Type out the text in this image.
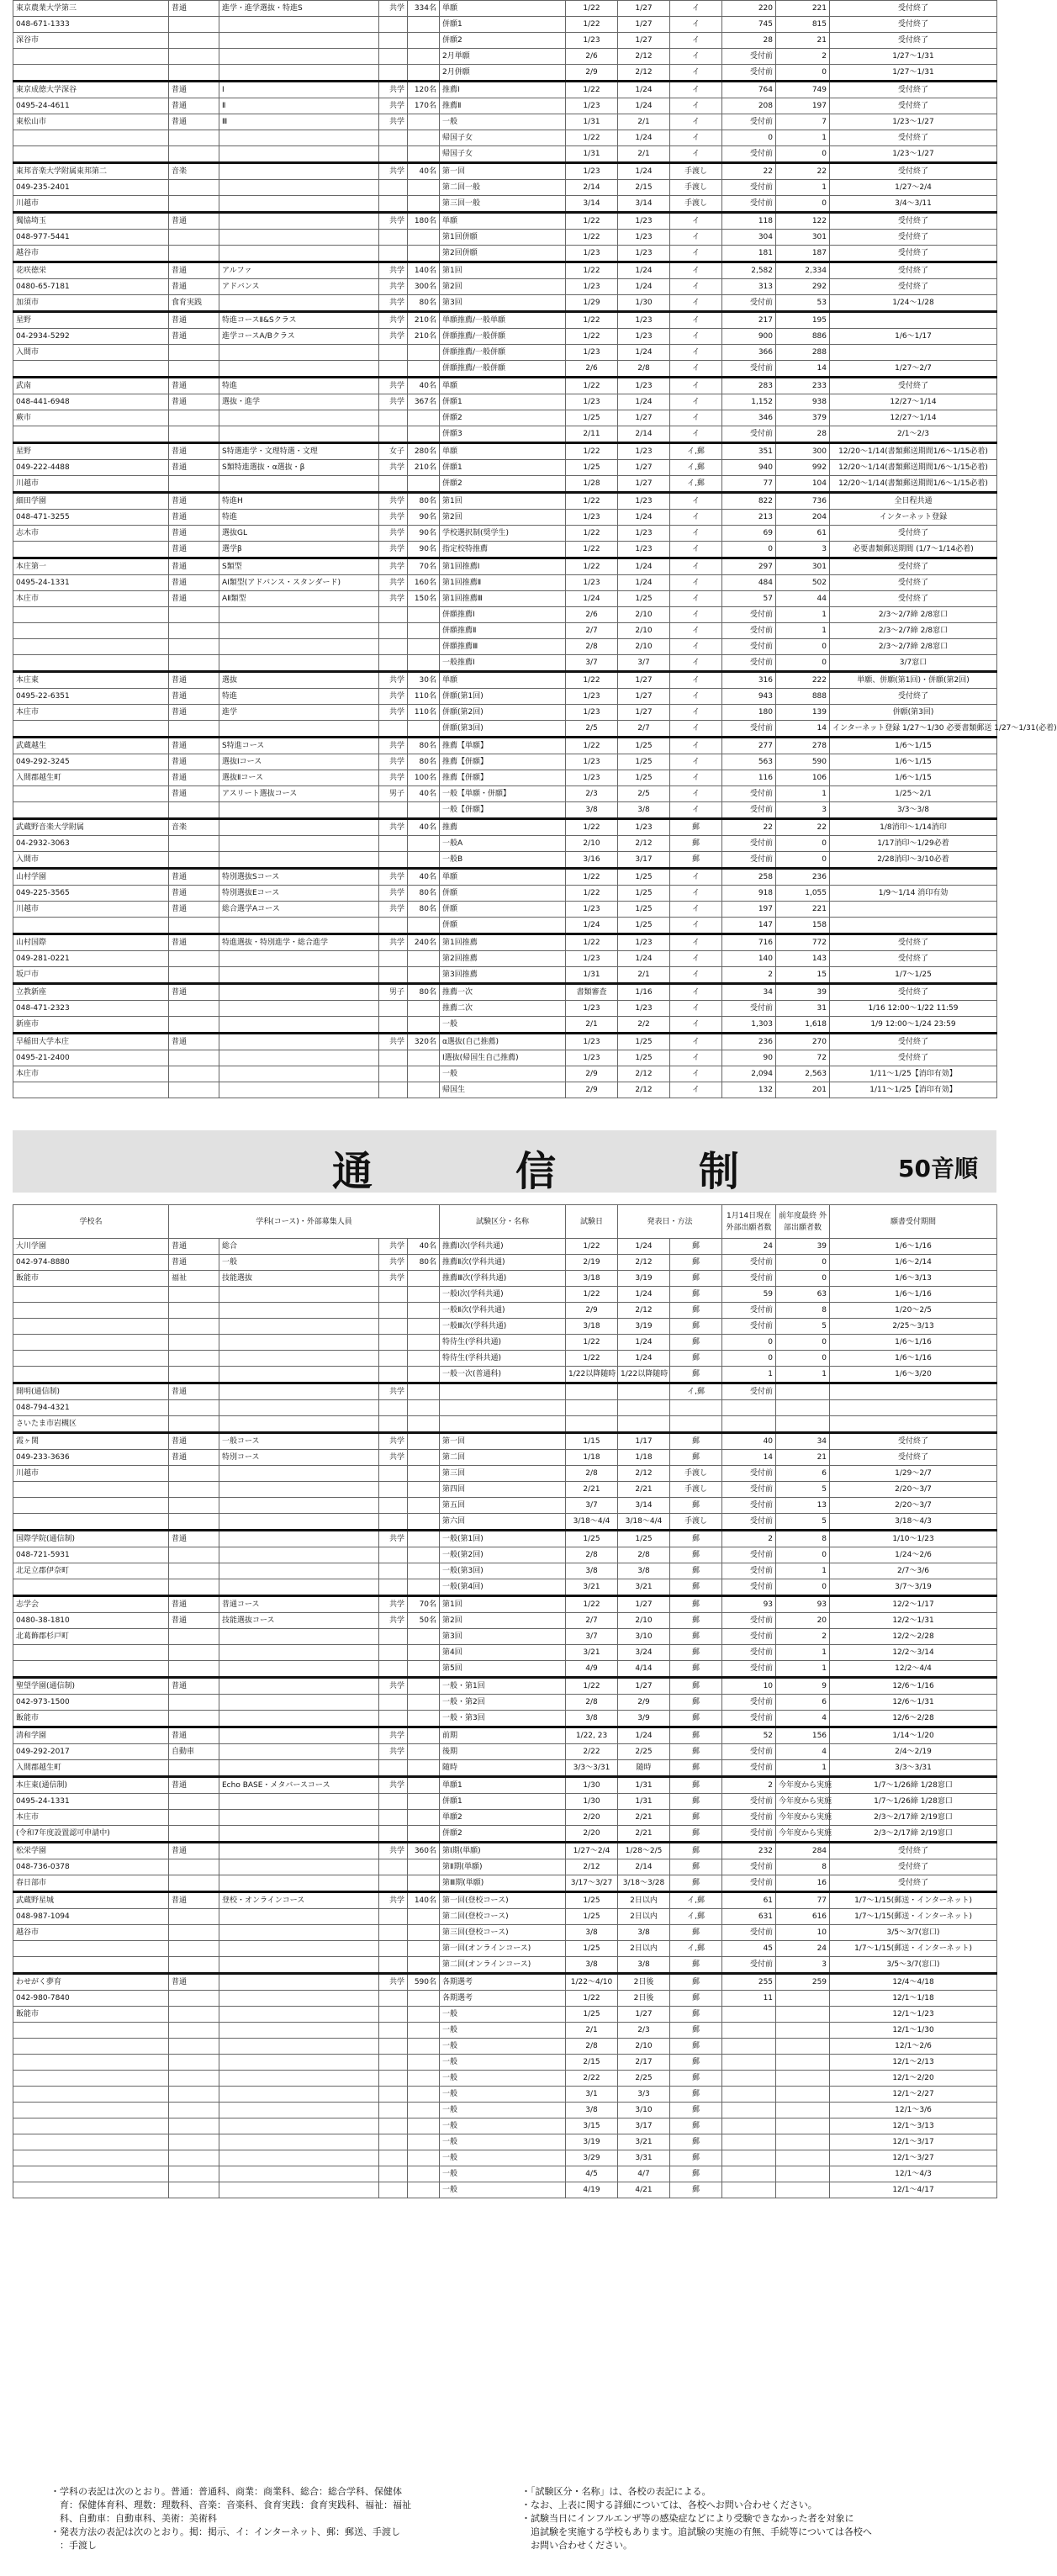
東京農業大学第三	普通	進学・進学選抜・特進S	共学	334名	単願	1/22	1/27	イ	220	221	受付終了
048-671-1333					併願1	1/22	1/27	イ	745	815	受付終了
深谷市					併願2	1/23	1/27	イ	28	21	受付終了
					2月単願	2/6	2/12	イ	受付前	2	1/27～1/31
					2月併願	2/9	2/12	イ	受付前	0	1/27～1/31
東京成徳大学深谷	普通	Ⅰ	共学	120名	推薦Ⅰ	1/22	1/24	イ	764	749	受付終了
0495-24-4611	普通	Ⅱ	共学	170名	推薦Ⅱ	1/23	1/24	イ	208	197	受付終了
東松山市	普通	Ⅲ	共学		一般	1/31	2/1	イ	受付前	7	1/23～1/27
					帰国子女	1/22	1/24	イ	0	1	受付終了
					帰国子女	1/31	2/1	イ	受付前	0	1/23～1/27
東邦音楽大学附属東邦第二	音楽		共学	40名	第一回	1/23	1/24	手渡し	22	22	受付終了
049-235-2401					第二回一般	2/14	2/15	手渡し	受付前	1	1/27～2/4
川越市					第三回一般	3/14	3/14	手渡し	受付前	0	3/4～3/11
獨協埼玉	普通		共学	180名	単願	1/22	1/23	イ	118	122	受付終了
048-977-5441					第1回併願	1/22	1/23	イ	304	301	受付終了
越谷市					第2回併願	1/23	1/23	イ	181	187	受付終了
花咲徳栄	普通	アルファ	共学	140名	第1回	1/22	1/24	イ	2,582	2,334	受付終了
0480-65-7181	普通	アドバンス	共学	300名	第2回	1/23	1/24	イ	313	292	受付終了
加須市	食育実践		共学	80名	第3回	1/29	1/30	イ	受付前	53	1/24～1/28
星野	普通	特進コースⅡ&Sクラス	共学	210名	単願推薦/一般単願	1/22	1/23	イ	217	195	
04-2934-5292	普通	進学コースA/Bクラス	共学	210名	併願推薦/一般併願	1/22	1/23	イ	900	886	1/6～1/17
入間市					併願推薦/一般併願	1/23	1/24	イ	366	288	
					併願推薦/一般併願	2/6	2/8	イ	受付前	14	1/27～2/7
武南	普通	特進	共学	40名	単願	1/22	1/23	イ	283	233	受付終了
048-441-6948	普通	選抜・進学	共学	367名	併願1	1/23	1/24	イ	1,152	938	12/27～1/14
蕨市					併願2	1/25	1/27	イ	346	379	12/27～1/14
					併願3	2/11	2/14	イ	受付前	28	2/1～2/3
星野	普通	S特選進学・文理特選・文理	女子	280名	単願	1/22	1/23	イ,郵	351	300	12/20～1/14(書類郵送期間1/6～1/15必着)
049-222-4488	普通	S類特進選抜・α選抜・β	共学	210名	併願1	1/25	1/27	イ,郵	940	992	12/20～1/14(書類郵送期間1/6～1/15必着)
川越市					併願2	1/28	1/27	イ,郵	77	104	12/20～1/14(書類郵送期間1/6～1/15必着)
細田学園	普通	特進H	共学	80名	第1回	1/22	1/23	イ	822	736	全日程共通
048-471-3255	普通	特進	共学	90名	第2回	1/23	1/24	イ	213	204	インターネット登録
志木市	普通	選抜GL	共学	90名	学校選択制(奨学生)	1/22	1/23	イ	69	61	受付終了
	普通	選学β	共学	90名	指定校特推薦	1/22	1/23	イ	0	3	必要書類郵送期間 (1/7～1/14必着)
本庄第一	普通	S類型	共学	70名	第1回推薦Ⅰ	1/22	1/24	イ	297	301	受付終了
0495-24-1331	普通	AⅠ類型(アドバンス・スタンダード)	共学	160名	第1回推薦Ⅱ	1/23	1/24	イ	484	502	受付終了
本庄市	普通	AⅡ類型	共学	150名	第1回推薦Ⅲ	1/24	1/25	イ	57	44	受付終了
					併願推薦Ⅰ	2/6	2/10	イ	受付前	1	2/3～2/7締 2/8窓口
					併願推薦Ⅱ	2/7	2/10	イ	受付前	1	2/3～2/7締 2/8窓口
					併願推薦Ⅲ	2/8	2/10	イ	受付前	0	2/3～2/7締 2/8窓口
					一般推薦Ⅰ	3/7	3/7	イ	受付前	0	3/7窓口
本庄東	普通	選抜	共学	30名	単願	1/22	1/27	イ	316	222	単願、併願(第1回)・併願(第2回)
0495-22-6351	普通	特進	共学	110名	併願(第1回)	1/23	1/27	イ	943	888	受付終了
本庄市	普通	進学	共学	110名	併願(第2回)	1/23	1/27	イ	180	139	併願(第3回)
					併願(第3回)	2/5	2/7	イ	受付前	14	インターネット登録 1/27～1/30 必要書類郵送 1/27～1/31(必着)
武蔵越生	普通	S特進コース	共学	80名	推薦【単願】	1/22	1/25	イ	277	278	1/6～1/15
049-292-3245	普通	選抜Ⅰコース	共学	80名	推薦【併願】	1/23	1/25	イ	563	590	1/6～1/15
入間郡越生町	普通	選抜Ⅱコース	共学	100名	推薦【併願】	1/23	1/25	イ	116	106	1/6～1/15
	普通	アスリート選抜コース	男子	40名	一般【単願・併願】	2/3	2/5	イ	受付前	1	1/25～2/1
					一般【併願】	3/8	3/8	イ	受付前	3	3/3～3/8
武蔵野音楽大学附属	音楽		共学	40名	推薦	1/22	1/23	郵	22	22	1/8消印～1/14消印
04-2932-3063					一般A	2/10	2/12	郵	受付前	0	1/17消印～1/29必着
入間市					一般B	3/16	3/17	郵	受付前	0	2/28消印～3/10必着
山村学園	普通	特別選抜Sコース	共学	40名	単願	1/22	1/25	イ	258	236	
049-225-3565	普通	特別選抜Eコース	共学	80名	併願	1/22	1/25	イ	918	1,055	1/9～1/14 消印有効
川越市	普通	総合選学Aコース	共学	80名	併願	1/23	1/25	イ	197	221	
					併願	1/24	1/25	イ	147	158	
山村国際	普通	特進選抜・特別進学・総合進学	共学	240名	第1回推薦	1/22	1/23	イ	716	772	受付終了
049-281-0221					第2回推薦	1/23	1/24	イ	140	143	受付終了
坂戸市					第3回推薦	1/31	2/1	イ	2	15	1/7～1/25
立教新座	普通		男子	80名	推薦一次	書類審査	1/16	イ	34	39	受付終了
048-471-2323					推薦二次	1/23	1/23	イ	受付前	31	1/16 12:00～1/22 11:59
新座市					一般	2/1	2/2	イ	1,303	1,618	1/9 12:00～1/24 23:59
早稲田大学本庄	普通		共学	320名	α選抜(自己推薦)	1/23	1/25	イ	236	270	受付終了
0495-21-2400					I選抜(帰国生自己推薦)	1/23	1/25	イ	90	72	受付終了
本庄市					一般	2/9	2/12	イ	2,094	2,563	1/11～1/25【消印有効】
					帰国生	2/9	2/12	イ	132	201	1/11～1/25【消印有効】
通信制 50音順
学校名	学科(コース)・外部募集人員				試験区分・名称	試験日	発表日・方法		1月14日現在 外部出願者数	前年度最終 外部出願者数	願書受付期間
大川学園	普通	総合	共学	40名	推薦Ⅰ次(学科共通)	1/22	1/24	郵	24	39	1/6～1/16
042-974-8880	普通	一般	共学	80名	推薦Ⅱ次(学科共通)	2/19	2/12	郵	受付前	0	1/6～2/14
飯能市	福祉	技能選抜	共学		推薦Ⅲ次(学科共通)	3/18	3/19	郵	受付前	0	1/6～3/13
					一般Ⅰ次(学科共通)	1/22	1/24	郵	59	63	1/6～1/16
					一般Ⅱ次(学科共通)	2/9	2/12	郵	受付前	8	1/20～2/5
					一般Ⅲ次(学科共通)	3/18	3/19	郵	受付前	5	2/25～3/13
					特待生(学科共通)	1/22	1/24	郵	0	0	1/6～1/16
					特待生(学科共通)	1/22	1/24	郵	0	0	1/6～1/16
					一般一次(普通科)	1/22以降随時	1/22以降随時	郵	1	1	1/6～3/20
開明(通信制)	普通		共学					イ,郵	受付前		
048-794-4321											
さいたま市岩槻区											
霞ヶ関	普通	一般コース	共学		第一回	1/15	1/17	郵	40	34	受付終了
049-233-3636	普通	特別コース	共学		第二回	1/18	1/18	郵	14	21	受付終了
川越市					第三回	2/8	2/12	手渡し	受付前	6	1/29～2/7
					第四回	2/21	2/21	手渡し	受付前	5	2/20～3/7
					第五回	3/7	3/14	郵	受付前	13	2/20～3/7
					第六回	3/18～4/4	3/18～4/4	手渡し	受付前	5	3/18～4/3
国際学院(通信制)	普通		共学		一般(第1回)	1/25	1/25	郵	2	8	1/10～1/23
048-721-5931					一般(第2回)	2/8	2/8	郵	受付前	0	1/24～2/6
北足立郡伊奈町					一般(第3回)	3/8	3/8	郵	受付前	1	2/7～3/6
					一般(第4回)	3/21	3/21	郵	受付前	0	3/7～3/19
志学会	普通	普通コース	共学	70名	第1回	1/22	1/27	郵	93	93	12/2～1/17
0480-38-1810	普通	技能選抜コース	共学	50名	第2回	2/7	2/10	郵	受付前	20	12/2～1/31
北葛飾郡杉戸町					第3回	3/7	3/10	郵	受付前	2	12/2～2/28
					第4回	3/21	3/24	郵	受付前	1	12/2～3/14
					第5回	4/9	4/14	郵	受付前	1	12/2～4/4
聖望学園(通信制)	普通		共学		一般・第1回	1/22	1/27	郵	10	9	12/6～1/16
042-973-1500					一般・第2回	2/8	2/9	郵	受付前	6	12/6～1/31
飯能市					一般・第3回	3/8	3/9	郵	受付前	4	12/6～2/28
清和学園	普通		共学		前期	1/22, 23	1/24	郵	52	156	1/14～1/20
049-292-2017	自動車		共学		後期	2/22	2/25	郵	受付前	4	2/4～2/19
入間郡越生町					随時	3/3～3/31	随時	郵	受付前	1	3/3～3/31
本庄東(通信制)	普通	Echo BASE・メタバースコース	共学		単願1	1/30	1/31	郵	2	今年度から実施	1/7～1/26締 1/28窓口
0495-24-1331					併願1	1/30	1/31	郵	受付前	今年度から実施	1/7～1/26締 1/28窓口
本庄市					単願2	2/20	2/21	郵	受付前	今年度から実施	2/3～2/17締 2/19窓口
(令和7年度設置認可申請中)					併願2	2/20	2/21	郵	受付前	今年度から実施	2/3～2/17締 2/19窓口
松栄学園	普通		共学	360名	第Ⅰ期(単願)	1/27～2/4	1/28～2/5	郵	232	284	受付終了
048-736-0378					第Ⅱ期(単願)	2/12	2/14	郵	受付前	8	受付終了
春日部市					第Ⅲ期(単願)	3/17～3/27	3/18～3/28	郵	受付前	16	受付終了
武蔵野星城	普通	登校・オンラインコース	共学	140名	第一回(登校コース)	1/25	2日以内	イ,郵	61	77	1/7～1/15(郵送・インターネット)
048-987-1094					第二回(登校コース)	1/25	2日以内	イ,郵	631	616	1/7～1/15(郵送・インターネット)
越谷市					第三回(登校コース)	3/8	3/8	郵	受付前	10	3/5～3/7(窓口)
					第一回(オンラインコース)	1/25	2日以内	イ,郵	45	24	1/7～1/15(郵送・インターネット)
					第二回(オンラインコース)	3/8	3/8	郵	受付前	3	3/5～3/7(窓口)
わせがく夢育	普通		共学	590名	各期選考	1/22～4/10	2日後	郵	255	259	12/4～4/18
042-980-7840					各期選考	1/22	2日後	郵	11		12/1～1/18
飯能市					一般	1/25	1/27	郵			12/1～1/23
					一般	2/1	2/3	郵			12/1～1/30
					一般	2/8	2/10	郵			12/1～2/6
					一般	2/15	2/17	郵			12/1～2/13
					一般	2/22	2/25	郵			12/1～2/20
					一般	3/1	3/3	郵			12/1～2/27
					一般	3/8	3/10	郵			12/1～3/6
					一般	3/15	3/17	郵			12/1～3/13
					一般	3/19	3/21	郵			12/1～3/17
					一般	3/29	3/31	郵			12/1～3/27
					一般	4/5	4/7	郵			12/1～4/3
					一般	4/19	4/21	郵			12/1～4/17
・学科の表記は次のとおり。普通：普通科、商業：商業科、総合：総合学科、保健体
　育：保健体育科、理数：理数科、音楽：音楽科、食育実践：食育実践科、福祉：福祉
　科、自動車：自動車科、美術：美術科
・発表方法の表記は次のとおり。掲：掲示、イ：インターネット、郵：郵送、手渡し
　：手渡し
・「試験区分・名称」は、各校の表記による。
・なお、上表に関する詳細については、各校へお問い合わせください。
・試験当日にインフルエンザ等の感染症などにより受験できなかった者を対象に
　追試験を実施する学校もあります。追試験の実施の有無、手続等については各校へ
　お問い合わせください。
